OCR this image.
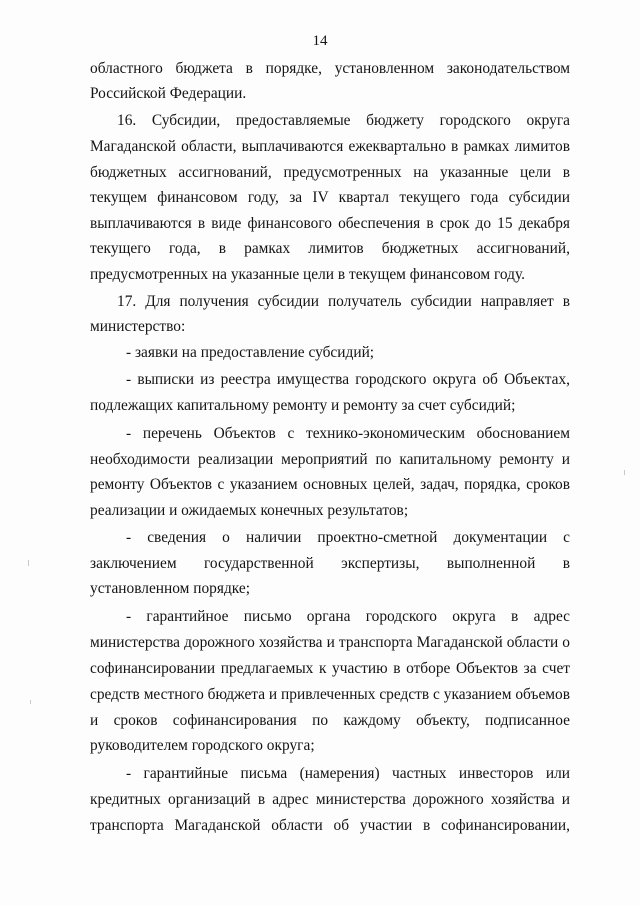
14
областного бюджета в порядке, установленном законодательством
Российской Федерации.
16. Субсидии, предоставляемые бюджету городского округа
Магаданской области, выплачиваются ежеквартально в рамках лимитов
бюджетных ассигнований, предусмотренных на указанные цели в
текущем финансовом году, за IV квартал текущего года субсидии
выплачиваются в виде финансового обеспечения в срок до 15 декабря
текущего года, в рамках лимитов бюджетных ассигнований,
предусмотренных на указанные цели в текущем финансовом году.
17. Для получения субсидии получатель субсидии направляет в
министерство:
- заявки на предоставление субсидий;
- выписки из реестра имущества городского округа об Объектах,
подлежащих капитальному ремонту и ремонту за счет субсидий;
- перечень Объектов с технико-экономическим обоснованием
необходимости реализации мероприятий по капитальному ремонту и
ремонту Объектов с указанием основных целей, задач, порядка, сроков
реализации и ожидаемых конечных результатов;
- сведения о наличии проектно-сметной документации с
заключением государственной экспертизы, выполненной в
установленном порядке;
- гарантийное письмо органа городского округа в адрес
министерства дорожного хозяйства и транспорта Магаданской области о
софинансировании предлагаемых к участию в отборе Объектов за счет
средств местного бюджета и привлеченных средств с указанием объемов
и сроков софинансирования по каждому объекту, подписанное
руководителем городского округа;
- гарантийные письма (намерения) частных инвесторов или
кредитных организаций в адрес министерства дорожного хозяйства и
транспорта Магаданской области об участии в софинансировании,
